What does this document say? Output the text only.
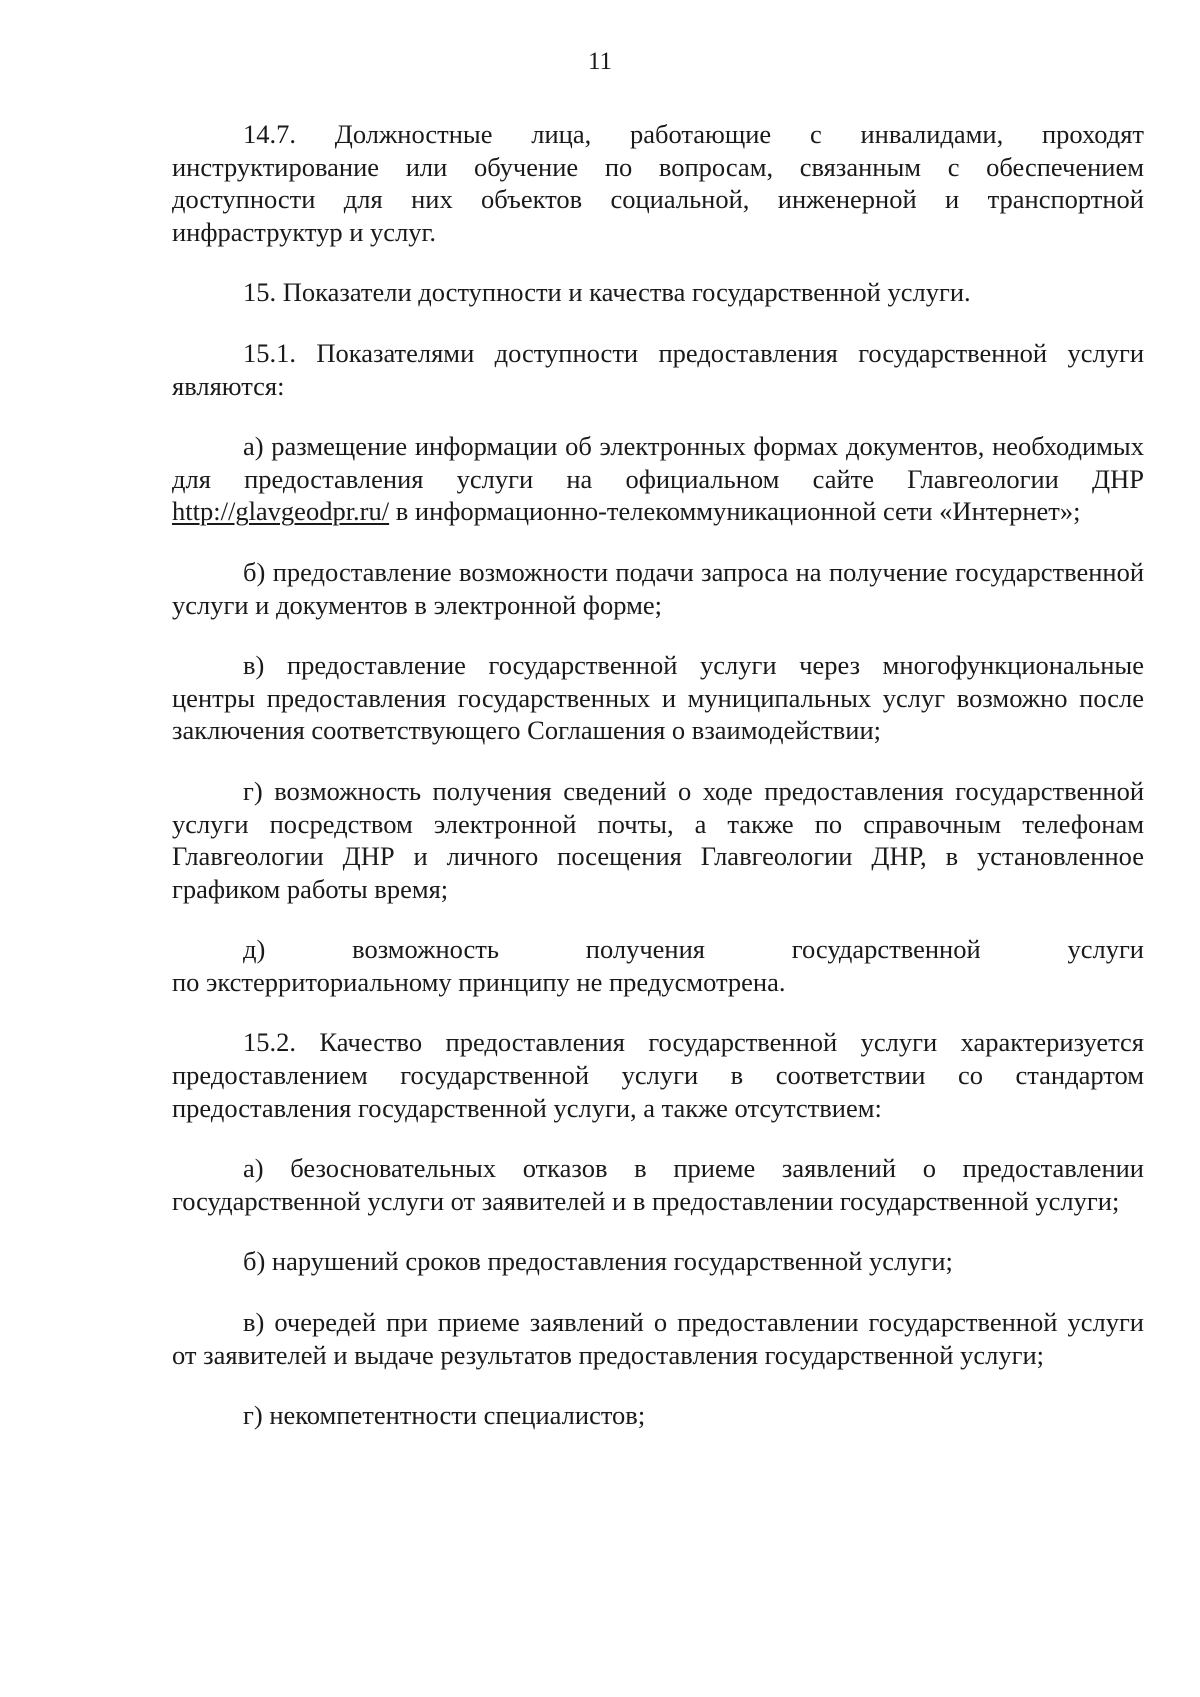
11

14.7. Должностные лица, работающие с инвалидами, проходят инструктирование или обучение по вопросам, связанным с обеспечением доступности для них объектов социальной, инженерной и транспортной инфраструктур и услуг.

15. Показатели доступности и качества государственной услуги.

15.1. Показателями доступности предоставления государственной услуги являются:

а) размещение информации об электронных формах документов, необходимых для предоставления услуги на официальном сайте Главгеологии ДНР http://glavgeodpr.ru/ в информационно-телекоммуникационной сети «Интернет»;

б) предоставление возможности подачи запроса на получение государственной услуги и документов в электронной форме;

в) предоставление государственной услуги через многофункциональные центры предоставления государственных и муниципальных услуг возможно после заключения соответствующего Соглашения о взаимодействии;

г) возможность получения сведений о ходе предоставления государственной услуги посредством электронной почты, а также по справочным телефонам Главгеологии ДНР и личного посещения Главгеологии ДНР, в установленное графиком работы время;

д) возможность получения государственной услуги

по экстерриториальному принципу не предусмотрена.

15.2. Качество предоставления государственной услуги характеризуется предоставлением государственной услуги в соответствии со стандартом предоставления государственной услуги, а также отсутствием:

а) безосновательных отказов в приеме заявлений о предоставлении государственной услуги от заявителей и в предоставлении государственной услуги;

б) нарушений сроков предоставления государственной услуги;

в) очередей при приеме заявлений о предоставлении государственной услуги от заявителей и выдаче результатов предоставления государственной услуги;

г) некомпетентности специалистов;
